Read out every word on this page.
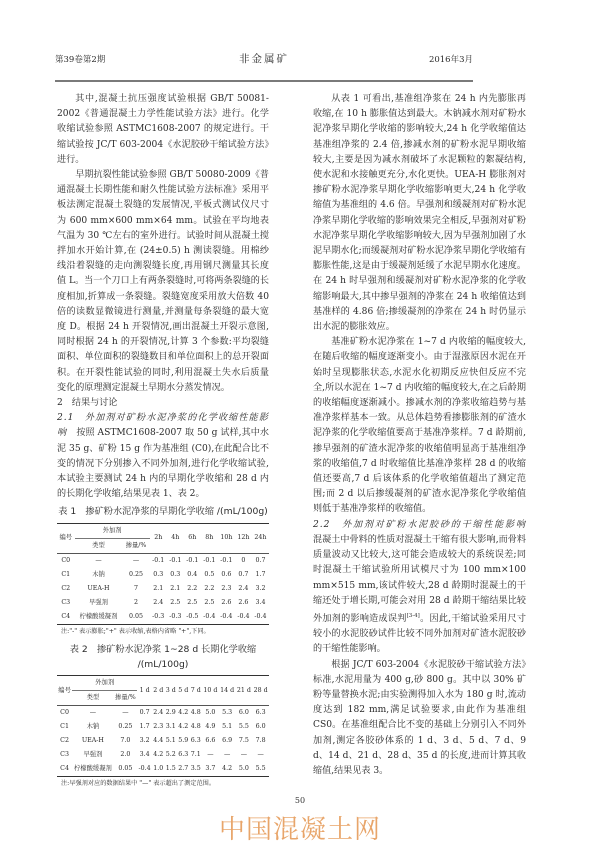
第39卷第2期	非金属矿	2016年3月

其中,混凝土抗压强度试验根据 GB/T 50081-2002《普通混凝土力学性能试验方法》进行。化学收缩试验参照 ASTMC1608-2007 的规定进行。干缩试验按 JC/T 603-2004《水泥胶砂干缩试验方法》进行。

早期抗裂性能试验参照 GB/T 50080-2009《普通混凝土长期性能和耐久性能试验方法标准》采用平板法测定混凝土裂缝的发展情况,平板式测试仪尺寸为 600 mm×600 mm×64 mm。试验在平均地表气温为 30 ℃左右的室外进行。试验时间从混凝土搅拌加水开始计算,在 (24±0.5) h 测读裂缝。用棉纱线沿着裂缝的走向测裂缝长度,再用钢尺测量其长度值 L。当一个刀口上有两条裂缝时,可将两条裂缝的长度相加,折算成一条裂缝。裂缝宽度采用放大倍数 40 倍的读数显微镜进行测量,并测量每条裂缝的最大宽度 D。根据 24 h 开裂情况,画出混凝土开裂示意图,同时根据 24 h 的开裂情况,计算 3 个参数:平均裂缝面积、单位面积的裂缝数目和单位面积上的总开裂面积。在开裂性能试验的同时,利用混凝土失水后质量变化的原理测定混凝土早期水分蒸发情况。

2　结果与讨论

2.1　外加剂对矿粉水泥净浆的化学收缩性能影响　 按照 ASTMC1608-2007 取 50 g 试样,其中水泥 35 g、矿粉 15 g 作为基准组 (C0),在此配合比不变的情况下分别掺入不同外加剂,进行化学收缩试验,本试验主要测试 24 h 内的早期化学收缩和 28 d 内的长期化学收缩,结果见表 1、表 2。

表 1　掺矿粉水泥净浆的早期化学收缩 /(mL/100g)
编号	外加剂		2h	4h	6h	8h	10h	12h	24h
	类型	掺量/%							
C0	—	—	-0.1	-0.1	-0.1	-0.1	-0.1	0	0.7
C1	木钠	0.25	0.3	0.3	0.4	0.5	0.6	0.7	1.7
C2	UEA-H	7	2.1	2.1	2.2	2.2	2.3	2.4	3.2
C3	早强剂	2	2.4	2.5	2.5	2.5	2.6	2.6	3.4
C4	柠檬酸缓凝剂	0.05	-0.3	-0.3	-0.5	-0.4	-0.4	-0.4	-0.4
注:"-" 表示膨胀;"+" 表示收缩,表格内省略 "+",下同。
表 2　掺矿粉水泥净浆 1~28 d 长期化学收缩 /(mL/100g)
编号	外加剂		1 d	2 d	3 d	5 d	7 d	10 d	14 d	21 d	28 d
	类型	掺量/%									
C0	—	—	0.7	2.4	2.9	4.2	4.8	5.0	5.3	6.0	6.3
C1	木钠	0.25	1.7	2.3	3.1	4.2	4.8	4.9	5.1	5.5	6.0
C2	UEA-H	7.0	3.2	4.4	5.1	5.9	6.3	6.6	6.9	7.5	7.8
C3	早强剂	2.0	3.4	4.2	5.2	6.3	7.1	—	—	—	—
C4	柠檬酸缓凝剂	0.05	-0.4	1.0	1.5	2.7	3.5	3.7	4.2	5.0	5.5
注:早强剂对应的数据结果中 "—" 表示超出了测定范围。

从表 1 可看出,基准组净浆在 24 h 内先膨胀再收缩,在 10 h 膨胀值达到最大。木钠减水剂对矿粉水泥净浆早期化学收缩的影响较大,24 h 化学收缩值达基准组净浆的 2.4 倍,掺减水剂的矿粉水泥早期收缩较大,主要是因为减水剂破坏了水泥颗粒的絮凝结构,使水泥和水接触更充分,水化更快。UEA-H 膨胀剂对掺矿粉水泥净浆早期化学收缩影响更大,24 h 化学收缩值为基准组的 4.6 倍。早强剂和缓凝剂对矿粉水泥净浆早期化学收缩的影响效果完全相反,早强剂对矿粉水泥净浆早期化学收缩影响较大,因为早强剂加剧了水泥早期水化;而缓凝剂对矿粉水泥净浆早期化学收缩有膨胀性能,这是由于缓凝剂延缓了水泥早期水化速度。在 24 h 时早强剂和缓凝剂对矿粉水泥净浆的化学收缩影响最大,其中掺早强剂的净浆在 24 h 收缩值达到基准样的 4.86 倍;掺缓凝剂的净浆在 24 h 时仍显示出水泥的膨胀效应。

基准矿粉水泥净浆在 1~7 d 内收缩的幅度较大,在随后收缩的幅度逐渐变小。由于湿涨原因水泥在开始时呈现膨胀状态,水泥水化初期反应快但反应不完全,所以水泥在 1~7 d 内收缩的幅度较大,在之后龄期的收缩幅度逐渐减小。掺减水剂的净浆收缩趋势与基准净浆样基本一致。从总体趋势看掺膨胀剂的矿渣水泥净浆的化学收缩值要高于基准净浆样。7 d 龄期前,掺早强剂的矿渣水泥净浆的收缩值明显高于基准组净浆的收缩值,7 d 时收缩值比基准净浆样 28 d 的收缩值还要高,7 d 后该体系的化学收缩值超出了测定范围;而 2 d 以后掺缓凝剂的矿渣水泥净浆化学收缩值则低于基准净浆样的收缩值。

2.2　外加剂对矿粉水泥胶砂的干缩性能影响　混凝土中骨料的性质对混凝土干缩有很大影响,而骨料质量波动又比较大,这可能会造成较大的系统误差;同时混凝土干缩试验所用试模尺寸为 100 mm×100 mm×515 mm,该试件较大,28 d 龄期时混凝土的干缩还处于增长期,可能会对用 28 d 龄期干缩结果比较外加剂的影响造成误判[3-4]。因此,干缩试验采用尺寸较小的水泥胶砂试件比较不同外加剂对矿渣水泥胶砂的干缩性能影响。

根据 JC/T 603-2004《水泥胶砂干缩试验方法》标准,水泥用量为 400 g,砂 800 g。其中以 30% 矿粉等量替换水泥;由实验测得加入水为 180 g 时,流动度达到 182 mm,满足试验要求,由此作为基准组 CS0。在基准组配合比不变的基础上分别引入不同外加剂,测定各胶砂体系的 1 d、3 d、5 d、7 d、9 d、14 d、21 d、28 d、35 d 的长度,进而计算其收缩值,结果见表 3。

中国混凝土网
50
